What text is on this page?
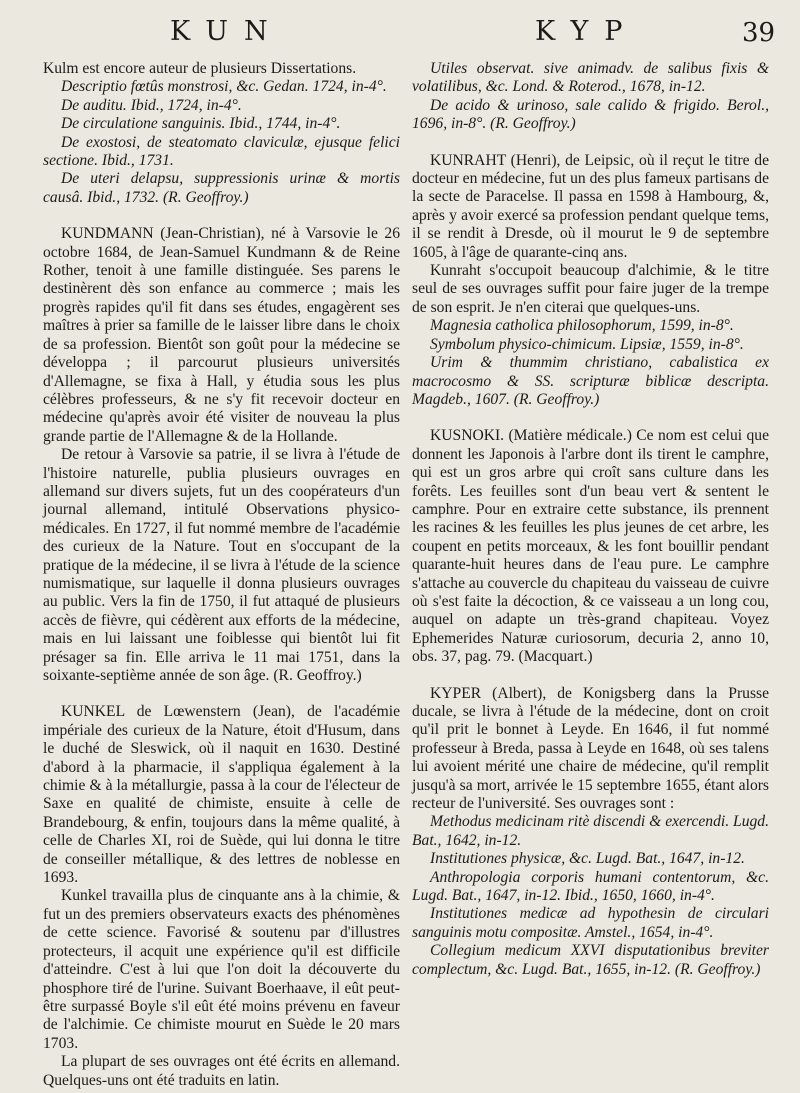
KUN	KYP	39

Kulm est encore auteur de plusieurs Dissertations.

Descriptio fœtûs monstrosi, &c. Gedan. 1724, in-4°.

De auditu. Ibid., 1724, in-4°.

De circulatione sanguinis. Ibid., 1744, in-4°.

De exostosi, de steatomato claviculæ, ejusque felici sectione. Ibid., 1731.

De uteri delapsu, suppressionis urinæ & mortis causâ. Ibid., 1732. (R. Geoffroy.)

KUNDMANN (Jean-Christian), né à Varsovie le 26 octobre 1684, de Jean-Samuel Kundmann & de Reine Rother, tenoit à une famille distinguée. Ses parens le destinèrent dès son enfance au commerce ; mais les progrès rapides qu'il fit dans ses études, engagèrent ses maîtres à prier sa famille de le laisser libre dans le choix de sa profession. Bientôt son goût pour la médecine se développa ; il parcourut plusieurs universités d'Allemagne, se fixa à Hall, y étudia sous les plus célèbres professeurs, & ne s'y fit recevoir docteur en médecine qu'après avoir été visiter de nouveau la plus grande partie de l'Allemagne & de la Hollande.

De retour à Varsovie sa patrie, il se livra à l'étude de l'histoire naturelle, publia plusieurs ouvrages en allemand sur divers sujets, fut un des coopérateurs d'un journal allemand, intitulé Observations physico-médicales. En 1727, il fut nommé membre de l'académie des curieux de la Nature. Tout en s'occupant de la pratique de la médecine, il se livra à l'étude de la science numismatique, sur laquelle il donna plusieurs ouvrages au public. Vers la fin de 1750, il fut attaqué de plusieurs accès de fièvre, qui cédèrent aux efforts de la médecine, mais en lui laissant une foiblesse qui bientôt lui fit présager sa fin. Elle arriva le 11 mai 1751, dans la soixante-septième année de son âge. (R. Geoffroy.)

KUNKEL de Lœwenstern (Jean), de l'académie impériale des curieux de la Nature, étoit d'Husum, dans le duché de Sleswick, où il naquit en 1630. Destiné d'abord à la pharmacie, il s'appliqua également à la chimie & à la métallurgie, passa à la cour de l'électeur de Saxe en qualité de chimiste, ensuite à celle de Brandebourg, & enfin, toujours dans la même qualité, à celle de Charles XI, roi de Suède, qui lui donna le titre de conseiller métallique, & des lettres de noblesse en 1693.

Kunkel travailla plus de cinquante ans à la chimie, & fut un des premiers observateurs exacts des phénomènes de cette science. Favorisé & soutenu par d'illustres protecteurs, il acquit une expérience qu'il est difficile d'atteindre. C'est à lui que l'on doit la découverte du phosphore tiré de l'urine. Suivant Boerhaave, il eût peut-être surpassé Boyle s'il eût été moins prévenu en faveur de l'alchimie. Ce chimiste mourut en Suède le 20 mars 1703.

La plupart de ses ouvrages ont été écrits en allemand. Quelques-uns ont été traduits en latin.

Utiles observat. sive animadv. de salibus fixis & volatilibus, &c. Lond. & Roterod., 1678, in-12.

De acido & urinoso, sale calido & frigido. Berol., 1696, in-8°. (R. Geoffroy.)

KUNRAHT (Henri), de Leipsic, où il reçut le titre de docteur en médecine, fut un des plus fameux partisans de la secte de Paracelse. Il passa en 1598 à Hambourg, &, après y avoir exercé sa profession pendant quelque tems, il se rendit à Dresde, où il mourut le 9 de septembre 1605, à l'âge de quarante-cinq ans.

Kunraht s'occupoit beaucoup d'alchimie, & le titre seul de ses ouvrages suffit pour faire juger de la trempe de son esprit. Je n'en citerai que quelques-uns.

Magnesia catholica philosophorum, 1599, in-8°.

Symbolum physico-chimicum. Lipsiæ, 1559, in-8°.

Urim & thummim christiano, cabalistica ex macrocosmo & SS. scripturæ biblicæ descripta. Magdeb., 1607. (R. Geoffroy.)

KUSNOKI. (Matière médicale.) Ce nom est celui que donnent les Japonois à l'arbre dont ils tirent le camphre, qui est un gros arbre qui croît sans culture dans les forêts. Les feuilles sont d'un beau vert & sentent le camphre. Pour en extraire cette substance, ils prennent les racines & les feuilles les plus jeunes de cet arbre, les coupent en petits morceaux, & les font bouillir pendant quarante-huit heures dans de l'eau pure. Le camphre s'attache au couvercle du chapiteau du vaisseau de cuivre où s'est faite la décoction, & ce vaisseau a un long cou, auquel on adapte un très-grand chapiteau. Voyez Ephemerides Naturæ curiosorum, decuria 2, anno 10, obs. 37, pag. 79. (Macquart.)

KYPER (Albert), de Konigsberg dans la Prusse ducale, se livra à l'étude de la médecine, dont on croit qu'il prit le bonnet à Leyde. En 1646, il fut nommé professeur à Breda, passa à Leyde en 1648, où ses talens lui avoient mérité une chaire de médecine, qu'il remplit jusqu'à sa mort, arrivée le 15 septembre 1655, étant alors recteur de l'université. Ses ouvrages sont :

Methodus medicinam ritè discendi & exercendi. Lugd. Bat., 1642, in-12.

Institutiones physicæ, &c. Lugd. Bat., 1647, in-12.

Anthropologia corporis humani contentorum, &c. Lugd. Bat., 1647, in-12. Ibid., 1650, 1660, in-4°.

Institutiones medicæ ad hypothesin de circulari sanguinis motu compositæ. Amstel., 1654, in-4°.

Collegium medicum XXVI disputationibus breviter complectum, &c. Lugd. Bat., 1655, in-12. (R. Geoffroy.)
